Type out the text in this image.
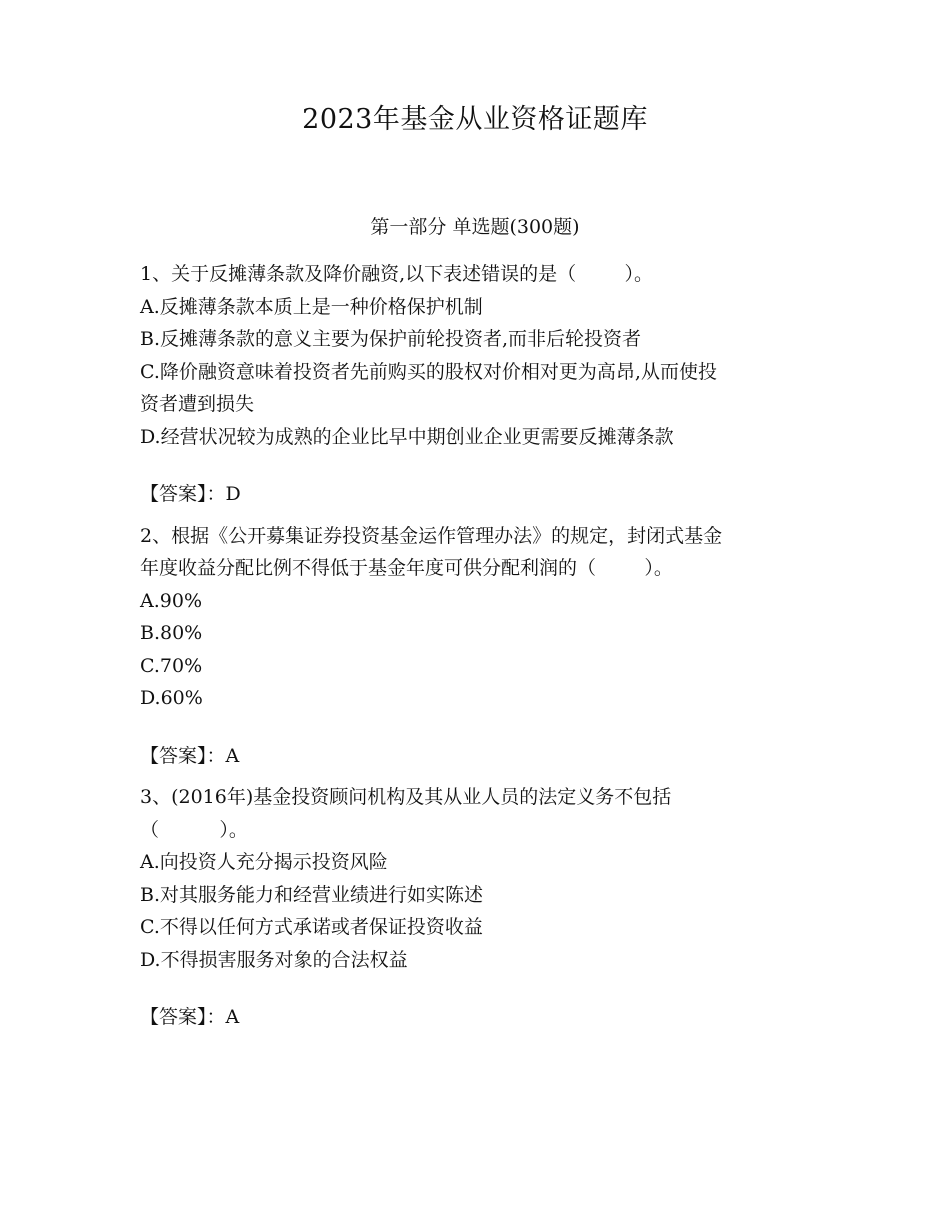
2023年基金从业资格证题库
第一部分 单选题(300题)

1、关于反摊薄条款及降价融资,以下表述错误的是（        ）。

A.反摊薄条款本质上是一种价格保护机制

B.反摊薄条款的意义主要为保护前轮投资者,而非后轮投资者

C.降价融资意味着投资者先前购买的股权对价相对更为高昂,从而使投

资者遭到损失

D.经营状况较为成熟的企业比早中期创业企业更需要反摊薄条款

【答案】：D

2、根据《公开募集证券投资基金运作管理办法》的规定，封闭式基金

年度收益分配比例不得低于基金年度可供分配利润的（        ）。

A.90%

B.80%

C.70%

D.60%

【答案】：A

3、(2016年)基金投资顾问机构及其从业人员的法定义务不包括

（          ）。

A.向投资人充分揭示投资风险

B.对其服务能力和经营业绩进行如实陈述

C.不得以任何方式承诺或者保证投资收益

D.不得损害服务对象的合法权益

【答案】：A
